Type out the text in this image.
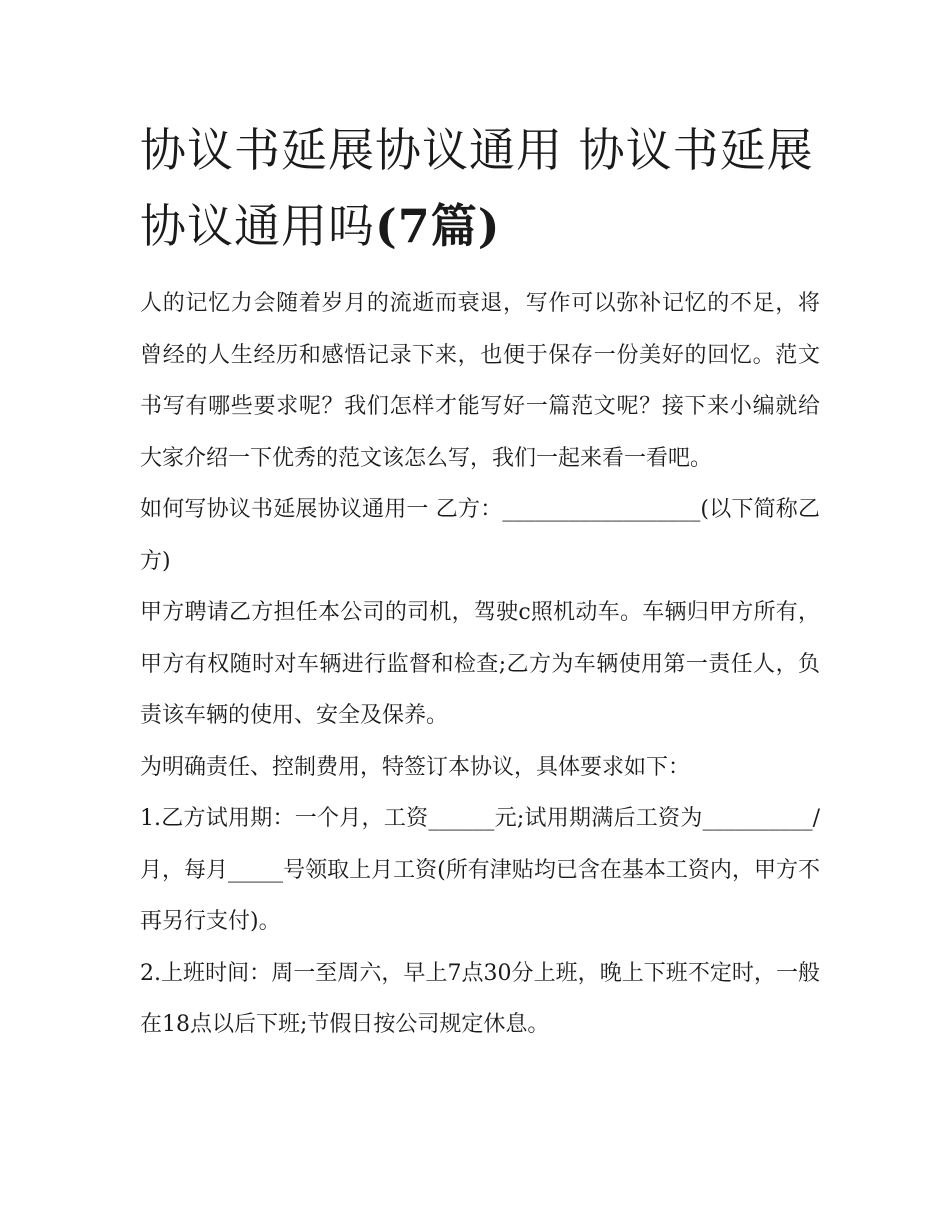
协议书延展协议通用 协议书延展协议通用吗(7篇)

人的记忆力会随着岁月的流逝而衰退，写作可以弥补记忆的不足，将曾经的人生经历和感悟记录下来，也便于保存一份美好的回忆。范文书写有哪些要求呢？我们怎样才能写好一篇范文呢？接下来小编就给大家介绍一下优秀的范文该怎么写，我们一起来看一看吧。

如何写协议书延展协议通用一 乙方：__________________(以下简称乙方)

甲方聘请乙方担任本公司的司机，驾驶c照机动车。车辆归甲方所有，甲方有权随时对车辆进行监督和检查;乙方为车辆使用第一责任人，负责该车辆的使用、安全及保养。

为明确责任、控制费用，特签订本协议，具体要求如下：

1.乙方试用期：一个月，工资______元;试用期满后工资为__________/月，每月_____号领取上月工资(所有津贴均已含在基本工资内，甲方不再另行支付)。

2.上班时间：周一至周六，早上7点30分上班，晚上下班不定时，一般在18点以后下班;节假日按公司规定休息。
